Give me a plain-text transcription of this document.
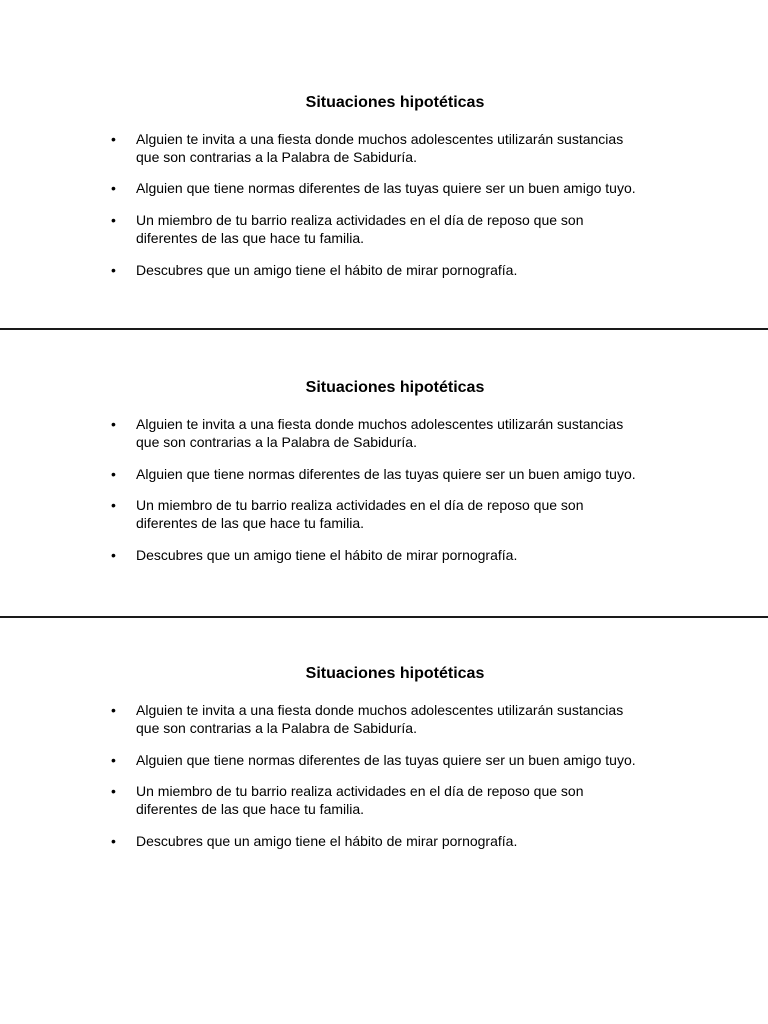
Situaciones hipotéticas
• Alguien te invita a una fiesta donde muchos adolescentes utilizarán sustancias
que son contrarias a la Palabra de Sabiduría.
• Alguien que tiene normas diferentes de las tuyas quiere ser un buen amigo tuyo.
• Un miembro de tu barrio realiza actividades en el día de reposo que son
diferentes de las que hace tu familia.
• Descubres que un amigo tiene el hábito de mirar pornografía.
Situaciones hipotéticas
• Alguien te invita a una fiesta donde muchos adolescentes utilizarán sustancias
que son contrarias a la Palabra de Sabiduría.
• Alguien que tiene normas diferentes de las tuyas quiere ser un buen amigo tuyo.
• Un miembro de tu barrio realiza actividades en el día de reposo que son
diferentes de las que hace tu familia.
• Descubres que un amigo tiene el hábito de mirar pornografía.
Situaciones hipotéticas
• Alguien te invita a una fiesta donde muchos adolescentes utilizarán sustancias
que son contrarias a la Palabra de Sabiduría.
• Alguien que tiene normas diferentes de las tuyas quiere ser un buen amigo tuyo.
• Un miembro de tu barrio realiza actividades en el día de reposo que son
diferentes de las que hace tu familia.
• Descubres que un amigo tiene el hábito de mirar pornografía.
